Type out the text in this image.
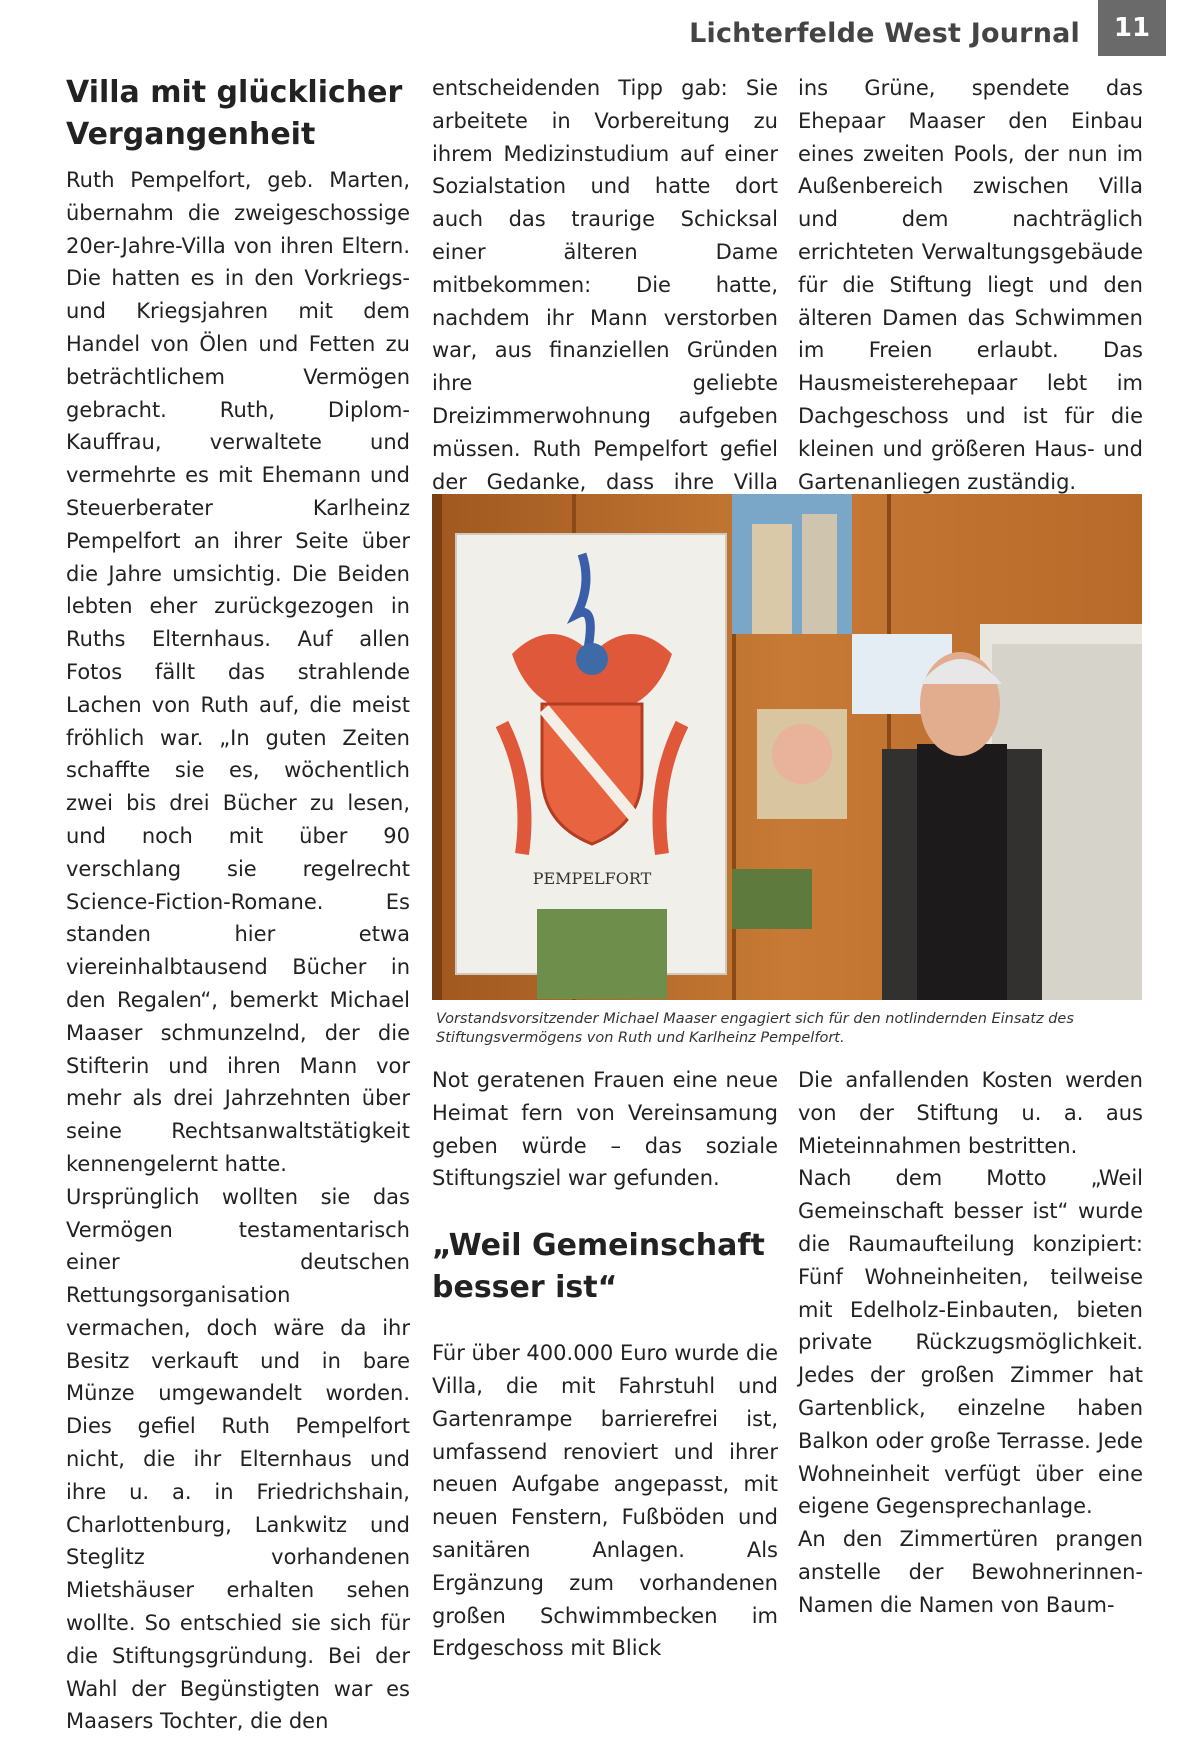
Lichterfelde West Journal	11
Villa mit glücklicher Vergangenheit

Ruth Pempelfort, geb. Marten, übernahm die zweigeschossige 20er-Jahre-Villa von ihren Eltern. Die hatten es in den Vorkriegs- und Kriegsjahren mit dem Handel von Ölen und Fetten zu beträchtlichem Vermögen gebracht. Ruth, Diplom-Kauffrau, verwaltete und vermehrte es mit Ehemann und Steuerberater Karlheinz Pempelfort an ihrer Seite über die Jahre umsichtig. Die Beiden lebten eher zurückgezogen in Ruths Elternhaus. Auf allen Fotos fällt das strahlende Lachen von Ruth auf, die meist fröhlich war. „In guten Zeiten schaffte sie es, wöchentlich zwei bis drei Bücher zu lesen, und noch mit über 90 verschlang sie regelrecht Science-Fiction-Romane. Es standen hier etwa viereinhalbtausend Bücher in den Regalen“, bemerkt Michael Maaser schmunzelnd, der die Stifterin und ihren Mann vor mehr als drei Jahrzehnten über seine Rechtsanwaltstätigkeit kennengelernt hatte.

Ursprünglich wollten sie das Vermögen testamentarisch einer deutschen Rettungsorganisation vermachen, doch wäre da ihr Besitz verkauft und in bare Münze umgewandelt worden. Dies gefiel Ruth Pempelfort nicht, die ihr Elternhaus und ihre u. a. in Friedrichshain, Charlottenburg, Lankwitz und Steglitz vorhandenen Mietshäuser erhalten sehen wollte. So entschied sie sich für die Stiftungsgründung. Bei der Wahl der Begünstigten war es Maasers Tochter, die den

entscheidenden Tipp gab: Sie arbeitete in Vorbereitung zu ihrem Medizinstudium auf einer Sozialstation und hatte dort auch das traurige Schicksal einer älteren Dame mitbekommen: Die hatte, nachdem ihr Mann verstorben war, aus finanziellen Gründen ihre geliebte Dreizimmerwohnung aufgeben müssen. Ruth Pempelfort gefiel der Gedanke, dass ihre Villa

ins Grüne, spendete das Ehepaar Maaser den Einbau eines zweiten Pools, der nun im Außenbereich zwischen Villa und dem nachträglich errichteten Verwaltungsgebäude für die Stiftung liegt und den älteren Damen das Schwimmen im Freien erlaubt. Das Hausmeisterehepaar lebt im Dachgeschoss und ist für die kleinen und größeren Haus- und Gartenanliegen zuständig.

PEMPELFORT
Vorstandsvorsitzender Michael Maaser engagiert sich für den notlindernden Einsatz des Stiftungsvermögens von Ruth und Karlheinz Pempelfort.

Not geratenen Frauen eine neue Heimat fern von Vereinsamung geben würde – das soziale Stiftungsziel war gefunden.

„Weil Gemeinschaft besser ist“

Für über 400.000 Euro wurde die Villa, die mit Fahrstuhl und Gartenrampe barrierefrei ist, umfassend renoviert und ihrer neuen Aufgabe angepasst, mit neuen Fenstern, Fußböden und sanitären Anlagen. Als Ergänzung zum vorhandenen großen Schwimmbecken im Erdgeschoss mit Blick

Die anfallenden Kosten werden von der Stiftung u. a. aus Mieteinnahmen bestritten.

Nach dem Motto „Weil Gemeinschaft besser ist“ wurde die Raumaufteilung konzipiert: Fünf Wohneinheiten, teilweise mit Edelholz-Einbauten, bieten private Rückzugsmöglichkeit. Jedes der großen Zimmer hat Gartenblick, einzelne haben Balkon oder große Terrasse. Jede Wohneinheit verfügt über eine eigene Gegensprechanlage.

An den Zimmertüren prangen anstelle der Bewohnerinnen-Namen die Namen von Baum-
